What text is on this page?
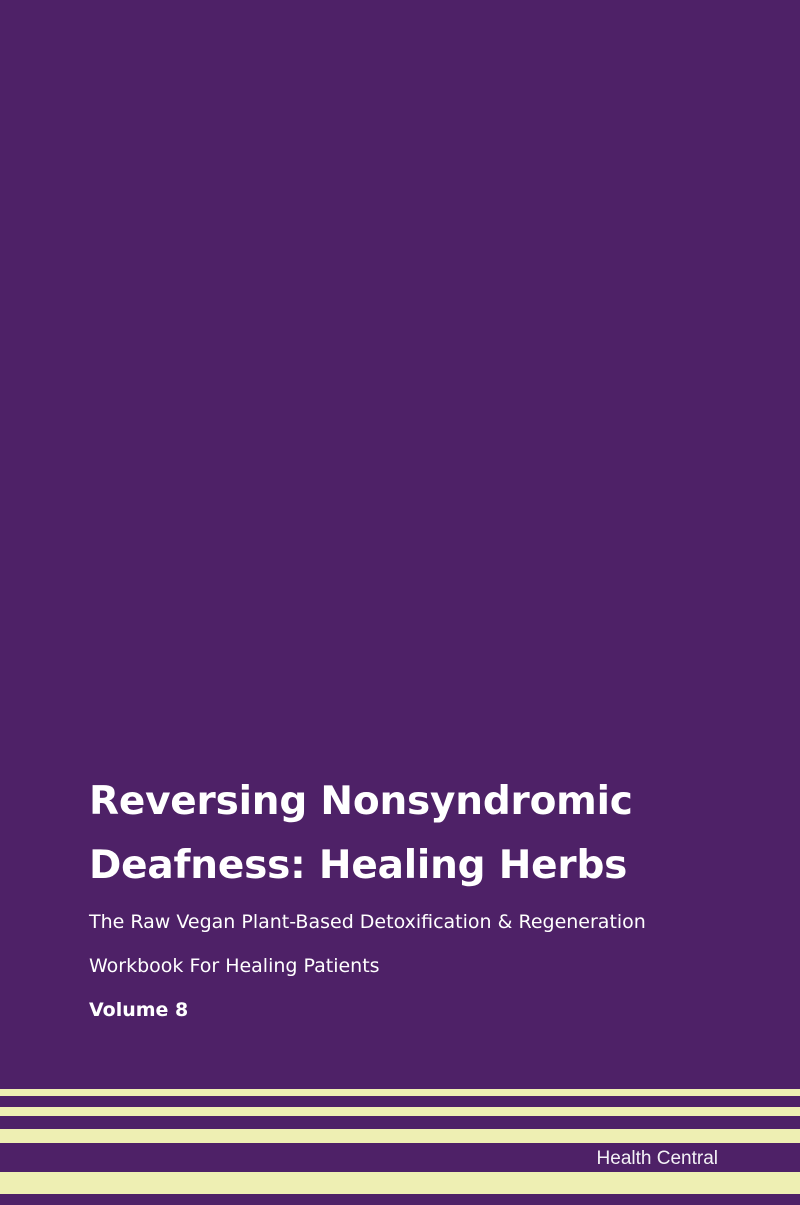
Reversing Nonsyndromic

Deafness: Healing Herbs

The Raw Vegan Plant-Based Detoxification & Regeneration

Workbook For Healing Patients

Volume 8

Health Central
